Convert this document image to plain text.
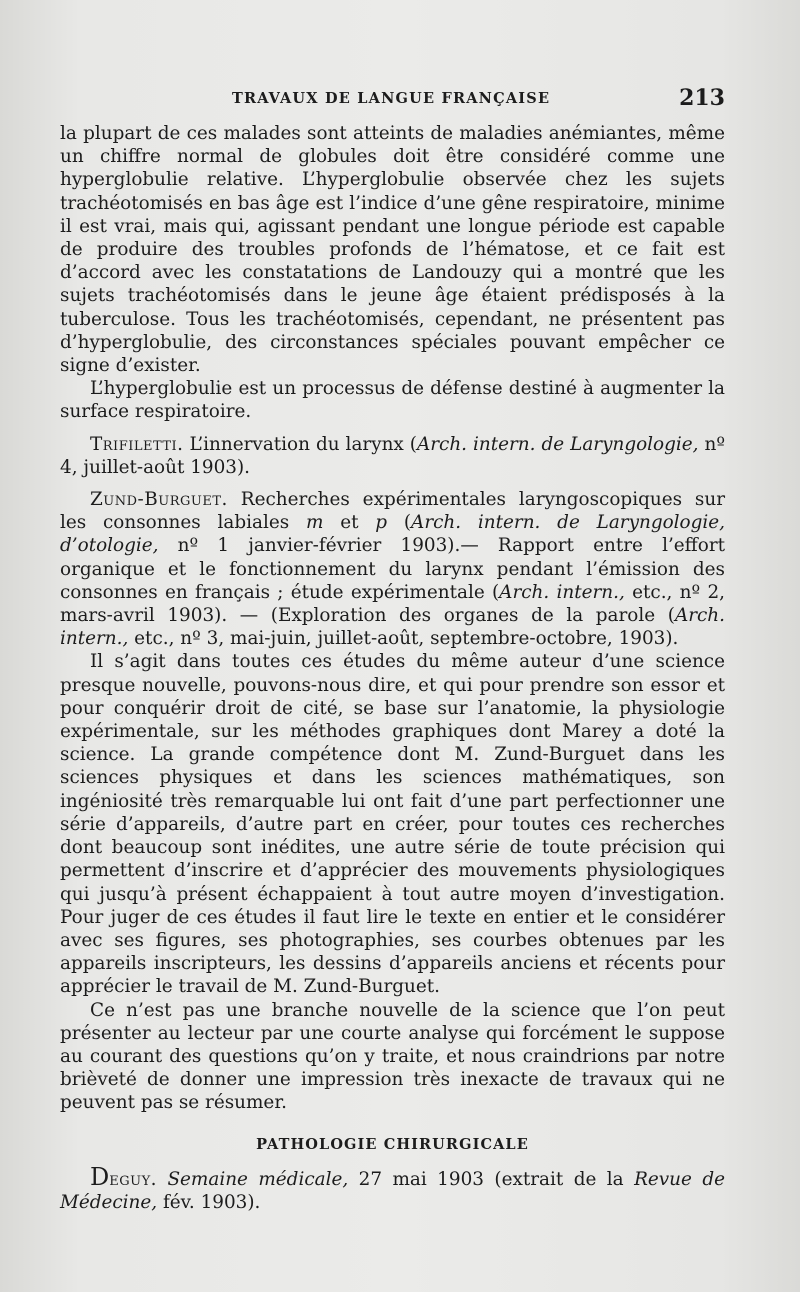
TRAVAUX DE LANGUE FRANÇAISE	213

la plupart de ces malades sont atteints de maladies anémiantes, même un chiffre normal de globules doit être considéré comme une hyperglobulie relative. L’hyperglobulie observée chez les sujets trachéotomisés en bas âge est l’indice d’une gêne respiratoire, minime il est vrai, mais qui, agissant pendant une longue période est capable de produire des troubles profonds de l’hématose, et ce fait est d’accord avec les constatations de Landouzy qui a montré que les sujets trachéotomisés dans le jeune âge étaient prédisposés à la tuberculose. Tous les trachéotomisés, cependant, ne présentent pas d’hyperglobulie, des circonstances spéciales pouvant empêcher ce signe d’exister.

L’hyperglobulie est un processus de défense destiné à augmenter la surface respiratoire.

Trifiletti. L’innervation du larynx (Arch. intern. de Laryngologie, nº 4, juillet-août 1903).

Zund-Burguet. Recherches expérimentales laryngoscopiques sur les consonnes labiales m et p (Arch. intern. de Laryngologie, d’otologie, nº 1 janvier-février 1903).— Rapport entre l’effort organique et le fonctionnement du larynx pendant l’émission des consonnes en français ; étude expérimentale (Arch. intern., etc., nº 2, mars-avril 1903). — (Exploration des organes de la parole (Arch. intern., etc., nº 3, mai-juin, juillet-août, septembre-octobre, 1903).

Il s’agit dans toutes ces études du même auteur d’une science presque nouvelle, pouvons-nous dire, et qui pour prendre son essor et pour conquérir droit de cité, se base sur l’anatomie, la physiologie expérimentale, sur les méthodes graphiques dont Marey a doté la science. La grande compétence dont M. Zund-Burguet dans les sciences physiques et dans les sciences mathématiques, son ingéniosité très remarquable lui ont fait d’une part perfectionner une série d’appareils, d’autre part en créer, pour toutes ces recherches dont beaucoup sont inédites, une autre série de toute précision qui permettent d’inscrire et d’apprécier des mouvements physiologiques qui jusqu’à présent échappaient à tout autre moyen d’investigation. Pour juger de ces études il faut lire le texte en entier et le considérer avec ses figures, ses photographies, ses courbes obtenues par les appareils inscripteurs, les dessins d’appareils anciens et récents pour apprécier le travail de M. Zund-Burguet.

Ce n’est pas une branche nouvelle de la science que l’on peut présenter au lecteur par une courte analyse qui forcément le suppose au courant des questions qu’on y traite, et nous craindrions par notre brièveté de donner une impression très inexacte de travaux qui ne peuvent pas se résumer.

PATHOLOGIE CHIRURGICALE

Deguy. Semaine médicale, 27 mai 1903 (extrait de la Revue de Médecine, fév. 1903).
